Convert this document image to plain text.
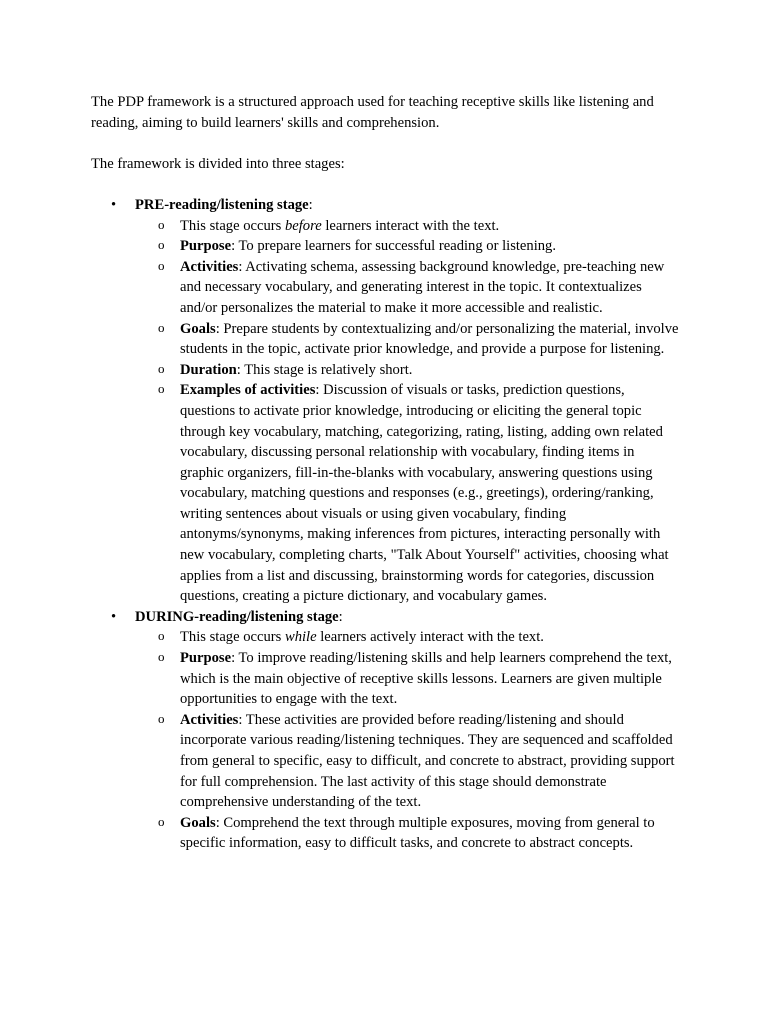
The PDP framework is a structured approach used for teaching receptive skills like listening and reading, aiming to build learners' skills and comprehension.

The framework is divided into three stages:

• PRE-reading/listening stage:
o This stage occurs before learners interact with the text.
o Purpose: To prepare learners for successful reading or listening.
o Activities: Activating schema, assessing background knowledge, pre-teaching new and necessary vocabulary, and generating interest in the topic. It contextualizes and/or personalizes the material to make it more accessible and realistic.
o Goals: Prepare students by contextualizing and/or personalizing the material, involve students in the topic, activate prior knowledge, and provide a purpose for listening.
o Duration: This stage is relatively short.
o Examples of activities: Discussion of visuals or tasks, prediction questions, questions to activate prior knowledge, introducing or eliciting the general topic through key vocabulary, matching, categorizing, rating, listing, adding own related vocabulary, discussing personal relationship with vocabulary, finding items in graphic organizers, fill-in-the-blanks with vocabulary, answering questions using vocabulary, matching questions and responses (e.g., greetings), ordering/ranking, writing sentences about visuals or using given vocabulary, finding antonyms/synonyms, making inferences from pictures, interacting personally with new vocabulary, completing charts, "Talk About Yourself" activities, choosing what applies from a list and discussing, brainstorming words for categories, discussion questions, creating a picture dictionary, and vocabulary games.
• DURING-reading/listening stage:
o This stage occurs while learners actively interact with the text.
o Purpose: To improve reading/listening skills and help learners comprehend the text, which is the main objective of receptive skills lessons. Learners are given multiple opportunities to engage with the text.
o Activities: These activities are provided before reading/listening and should incorporate various reading/listening techniques. They are sequenced and scaffolded from general to specific, easy to difficult, and concrete to abstract, providing support for full comprehension. The last activity of this stage should demonstrate comprehensive understanding of the text.
o Goals: Comprehend the text through multiple exposures, moving from general to specific information, easy to difficult tasks, and concrete to abstract concepts.
